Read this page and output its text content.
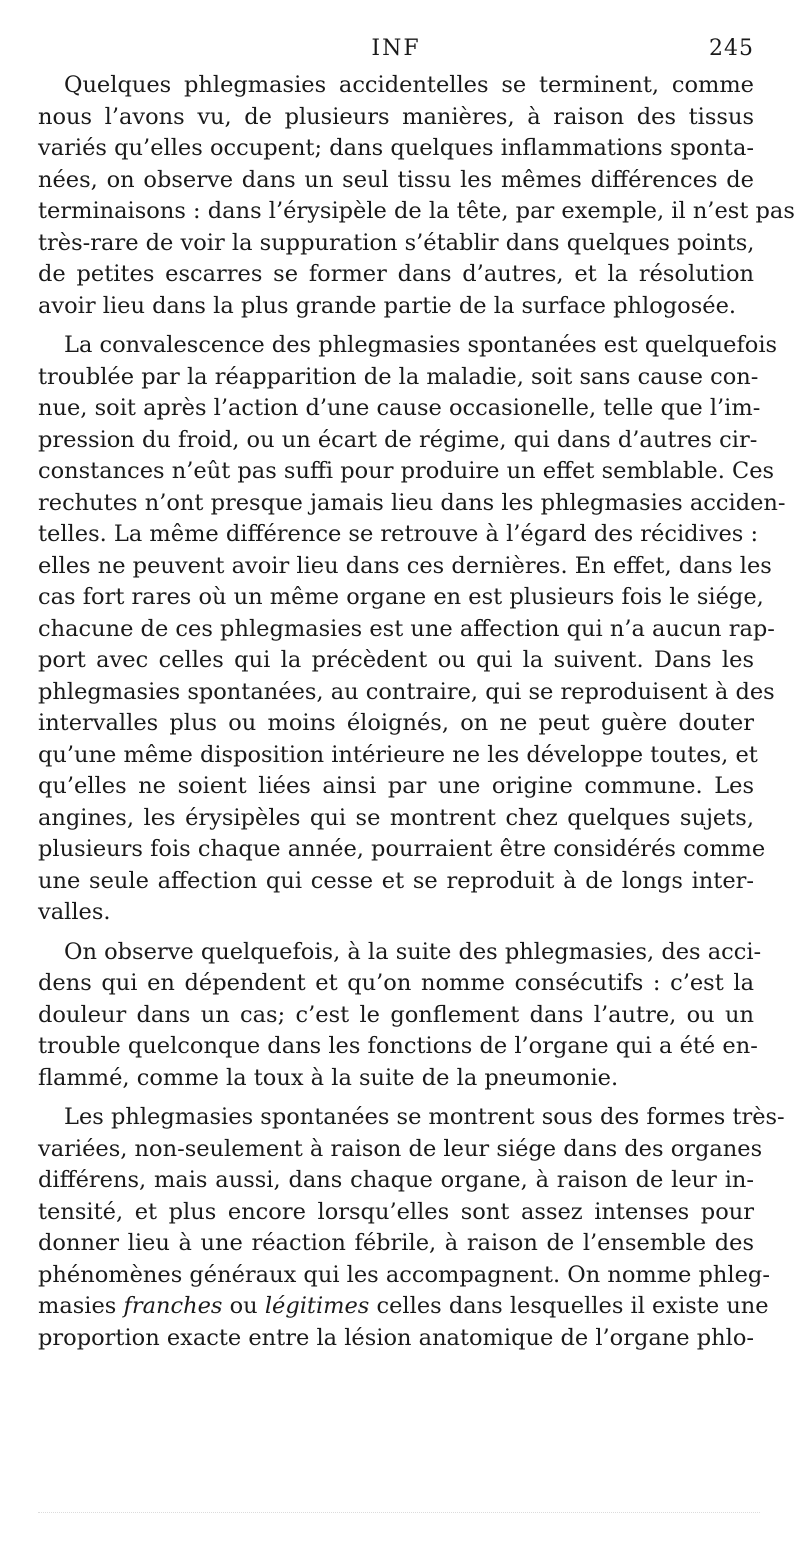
INF	245

Quelques phlegmasies accidentelles se terminent, comme
nous l’avons vu, de plusieurs manières, à raison des tissus
variés qu’elles occupent; dans quelques inflammations sponta-
nées, on observe dans un seul tissu les mêmes différences de
terminaisons : dans l’érysipèle de la tête, par exemple, il n’est pas
très-rare de voir la suppuration s’établir dans quelques points,
de petites escarres se former dans d’autres, et la résolution
avoir lieu dans la plus grande partie de la surface phlogosée.

La convalescence des phlegmasies spontanées est quelquefois
troublée par la réapparition de la maladie, soit sans cause con-
nue, soit après l’action d’une cause occasionelle, telle que l’im-
pression du froid, ou un écart de régime, qui dans d’autres cir-
constances n’eût pas suffi pour produire un effet semblable. Ces
rechutes n’ont presque jamais lieu dans les phlegmasies acciden-
telles. La même différence se retrouve à l’égard des récidives :
elles ne peuvent avoir lieu dans ces dernières. En effet, dans les
cas fort rares où un même organe en est plusieurs fois le siége,
chacune de ces phlegmasies est une affection qui n’a aucun rap-
port avec celles qui la précèdent ou qui la suivent. Dans les
phlegmasies spontanées, au contraire, qui se reproduisent à des
intervalles plus ou moins éloignés, on ne peut guère douter
qu’une même disposition intérieure ne les développe toutes, et
qu’elles ne soient liées ainsi par une origine commune. Les
angines, les érysipèles qui se montrent chez quelques sujets,
plusieurs fois chaque année, pourraient être considérés comme
une seule affection qui cesse et se reproduit à de longs inter-
valles.

On observe quelquefois, à la suite des phlegmasies, des acci-
dens qui en dépendent et qu’on nomme consécutifs : c’est la
douleur dans un cas; c’est le gonflement dans l’autre, ou un
trouble quelconque dans les fonctions de l’organe qui a été en-
flammé, comme la toux à la suite de la pneumonie.

Les phlegmasies spontanées se montrent sous des formes très-
variées, non-seulement à raison de leur siége dans des organes
différens, mais aussi, dans chaque organe, à raison de leur in-
tensité, et plus encore lorsqu’elles sont assez intenses pour
donner lieu à une réaction fébrile, à raison de l’ensemble des
phénomènes généraux qui les accompagnent. On nomme phleg-
masies franches ou légitimes celles dans lesquelles il existe une
proportion exacte entre la lésion anatomique de l’organe phlo-
